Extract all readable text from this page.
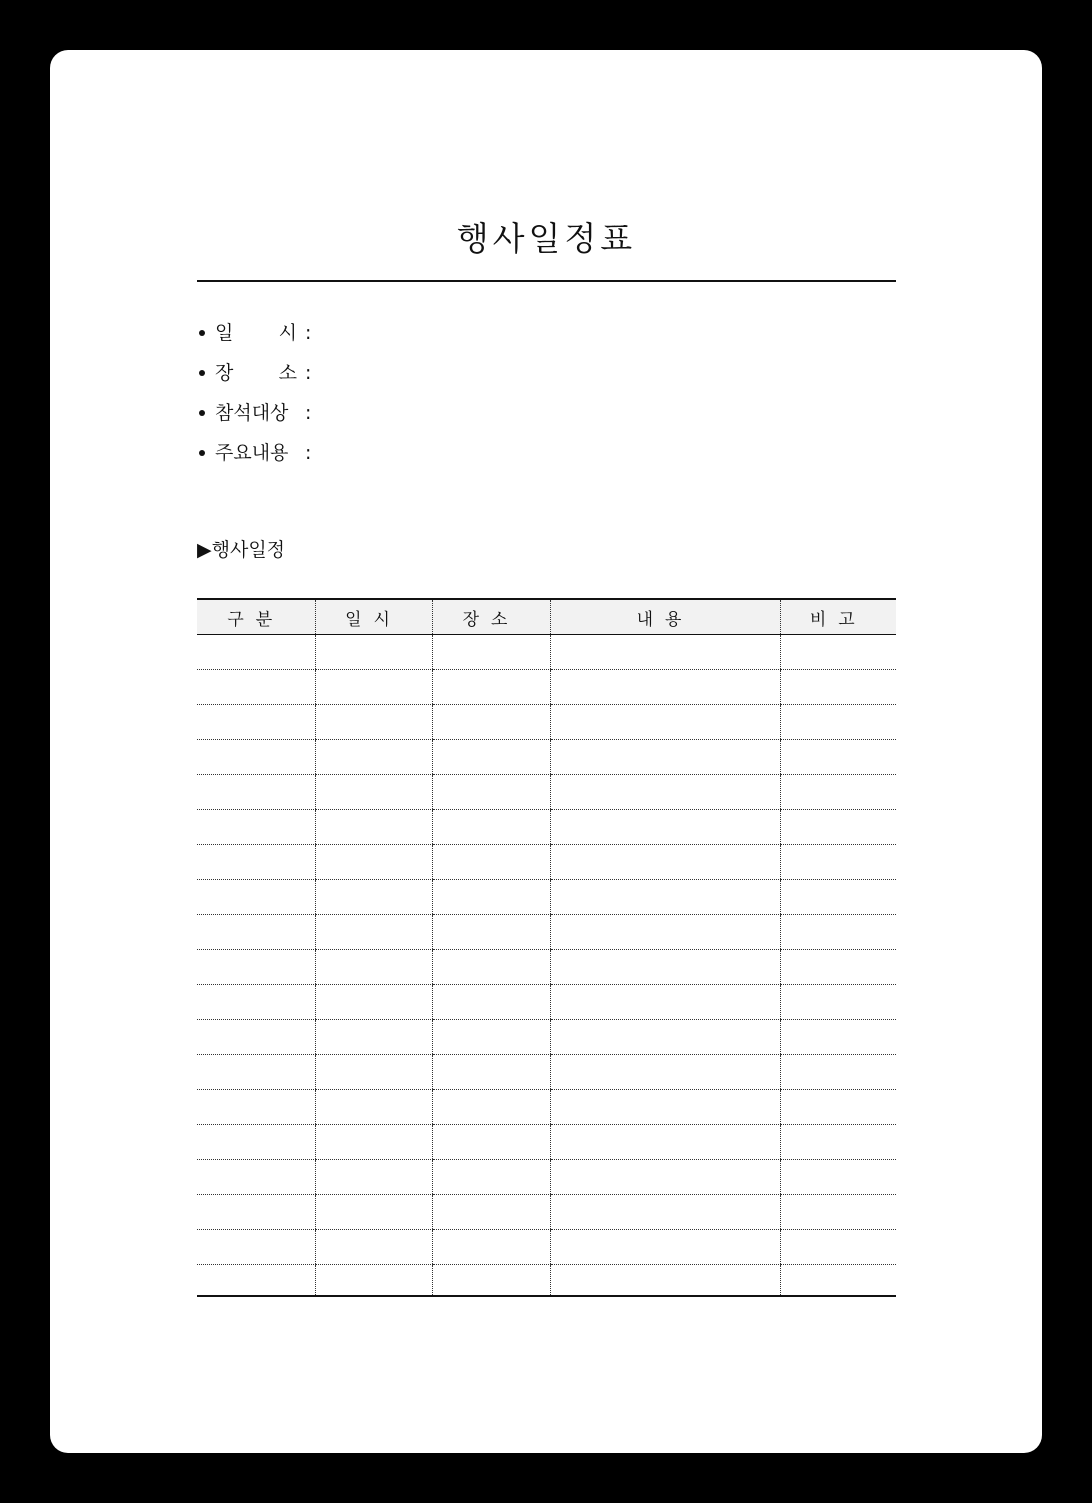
행사일정표
일 시 :
장 소 :
참석대상 :
주요내용 :
▶행사일정
구분	일시	장소	내용	비고
